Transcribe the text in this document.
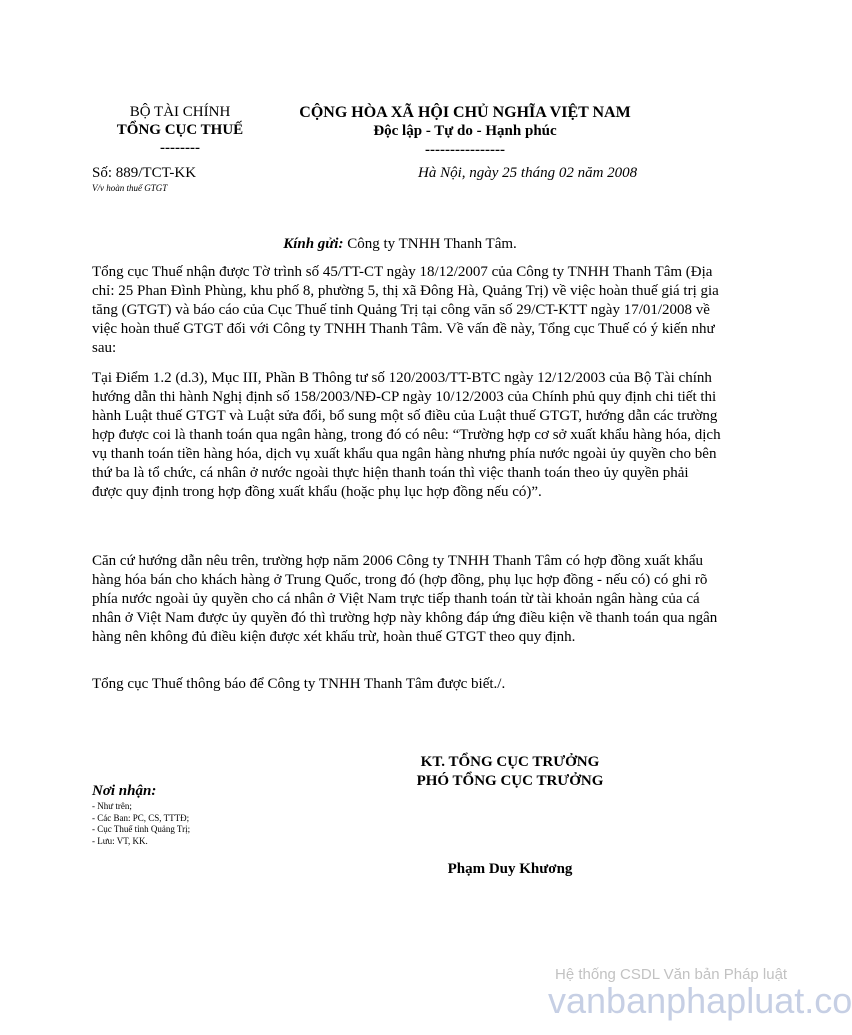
BỘ TÀI CHÍNH
TỔNG CỤC THUẾ
--------
CỘNG HÒA XÃ HỘI CHỦ NGHĨA VIỆT NAM
Độc lập - Tự do - Hạnh phúc
----------------
Số: 889/TCT-KK
V/v hoàn thuế GTGT
Hà Nội, ngày 25 tháng 02 năm 2008
Kính gửi: Công ty TNHH Thanh Tâm.

Tổng cục Thuế nhận được Tờ trình số 45/TT-CT ngày 18/12/2007 của Công ty TNHH Thanh Tâm (Địa chỉ: 25 Phan Đình Phùng, khu phố 8, phường 5, thị xã Đông Hà, Quảng Trị) về việc hoàn thuế giá trị gia tăng (GTGT) và báo cáo của Cục Thuế tỉnh Quảng Trị tại công văn số 29/CT-KTT ngày 17/01/2008 về việc hoàn thuế GTGT đối với Công ty TNHH Thanh Tâm. Về vấn đề này, Tổng cục Thuế có ý kiến như sau:

Tại Điểm 1.2 (d.3), Mục III, Phần B Thông tư số 120/2003/TT-BTC ngày 12/12/2003 của Bộ Tài chính hướng dẫn thi hành Nghị định số 158/2003/NĐ-CP ngày 10/12/2003 của Chính phủ quy định chi tiết thi hành Luật thuế GTGT và Luật sửa đổi, bổ sung một số điều của Luật thuế GTGT, hướng dẫn các trường hợp được coi là thanh toán qua ngân hàng, trong đó có nêu: “Trường hợp cơ sở xuất khẩu hàng hóa, dịch vụ thanh toán tiền hàng hóa, dịch vụ xuất khẩu qua ngân hàng nhưng phía nước ngoài ủy quyền cho bên thứ ba là tổ chức, cá nhân ở nước ngoài thực hiện thanh toán thì việc thanh toán theo ủy quyền phải được quy định trong hợp đồng xuất khẩu (hoặc phụ lục hợp đồng nếu có)”.

Căn cứ hướng dẫn nêu trên, trường hợp năm 2006 Công ty TNHH Thanh Tâm có hợp đồng xuất khẩu hàng hóa bán cho khách hàng ở Trung Quốc, trong đó (hợp đồng, phụ lục hợp đồng - nếu có) có ghi rõ phía nước ngoài ủy quyền cho cá nhân ở Việt Nam trực tiếp thanh toán từ tài khoản ngân hàng của cá nhân ở Việt Nam được ủy quyền đó thì trường hợp này không đáp ứng điều kiện về thanh toán qua ngân hàng nên không đủ điều kiện được xét khấu trừ, hoàn thuế GTGT theo quy định.

Tổng cục Thuế thông báo để Công ty TNHH Thanh Tâm được biết./.

KT. TỔNG CỤC TRƯỞNG
PHÓ TỔNG CỤC TRƯỞNG
Phạm Duy Khương
Nơi nhận:
- Như trên;
- Các Ban: PC, CS, TTTĐ;
- Cục Thuế tỉnh Quảng Trị;
- Lưu: VT, KK.
Hệ thống CSDL Văn bản Pháp luật
vanbanphapluat.co
